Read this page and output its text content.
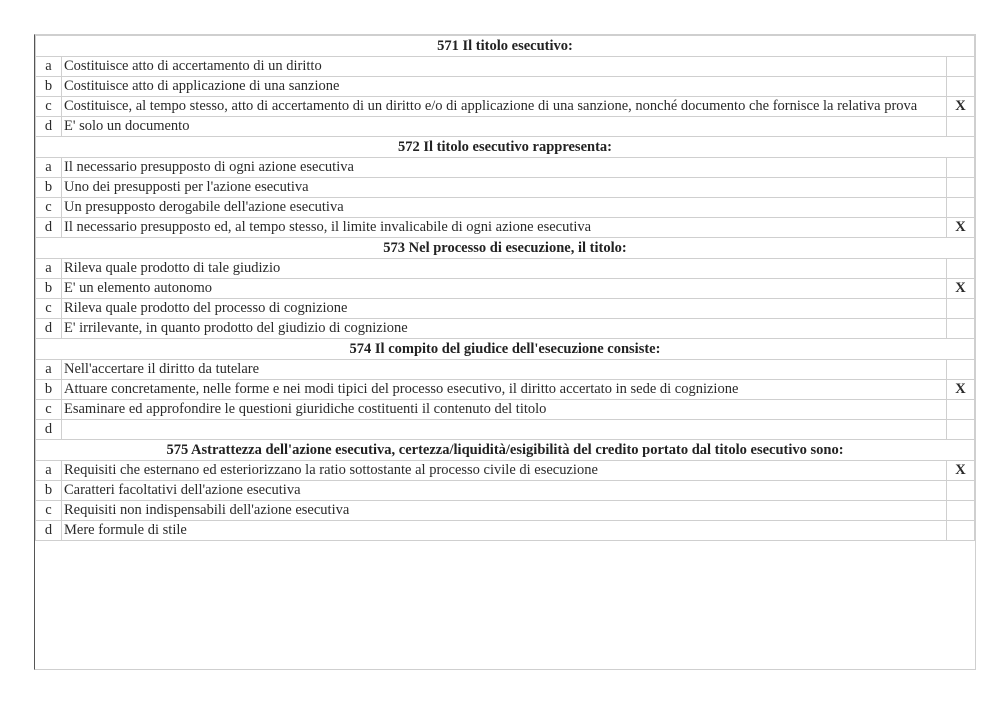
571 Il titolo esecutivo:		
a	Costituisce atto di accertamento di un diritto	
b	Costituisce atto di applicazione di una sanzione	
c	Costituisce, al tempo stesso, atto di accertamento di un diritto e/o di applicazione di una sanzione, nonché documento che fornisce la relativa prova	X
d	E' solo un documento	
572 Il titolo esecutivo rappresenta:		
a	Il necessario presupposto di ogni azione esecutiva	
b	Uno dei presupposti per l'azione esecutiva	
c	Un presupposto derogabile dell'azione esecutiva	
d	Il necessario presupposto ed, al tempo stesso, il limite invalicabile di ogni azione esecutiva	X
573 Nel processo di esecuzione, il titolo:		
a	Rileva quale prodotto di tale giudizio	
b	E' un elemento autonomo	X
c	Rileva quale prodotto del processo di cognizione	
d	E' irrilevante, in quanto prodotto del giudizio di cognizione	
574 Il compito del giudice dell'esecuzione consiste:		
a	Nell'accertare il diritto da tutelare	
b	Attuare concretamente, nelle forme e nei modi tipici del processo esecutivo, il diritto accertato in sede di cognizione	X
c	Esaminare ed approfondire le questioni giuridiche costituenti il contenuto del titolo	
d		
575 Astrattezza dell'azione esecutiva, certezza/liquidità/esigibilità del credito portato dal titolo esecutivo sono:		
a	Requisiti che esternano ed esteriorizzano la ratio sottostante al processo civile di esecuzione	X
b	Caratteri facoltativi dell'azione esecutiva	
c	Requisiti non indispensabili dell'azione esecutiva	
d	Mere formule di stile	
